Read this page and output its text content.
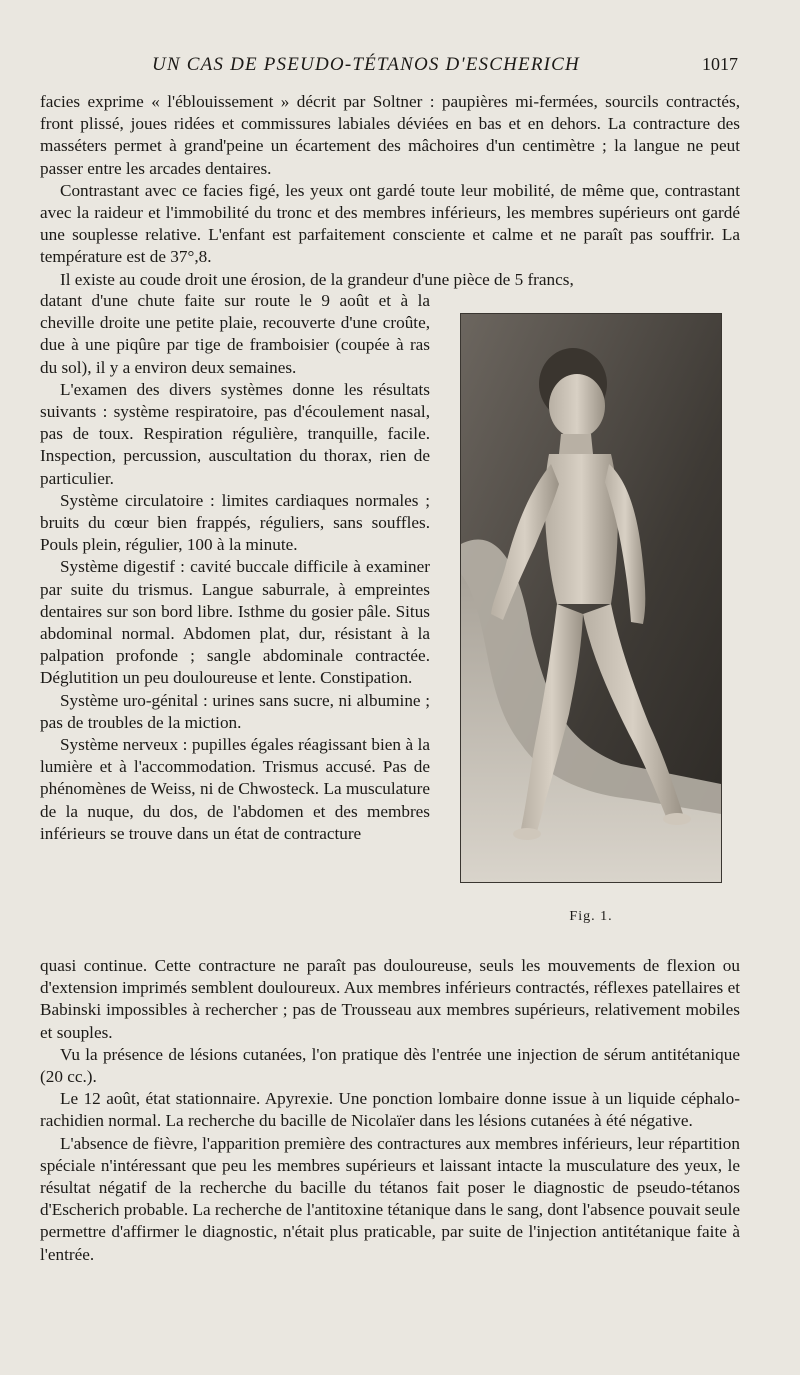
UN CAS DE PSEUDO-TÉTANOS D'ESCHERICH	1017

facies exprime « l'éblouissement » décrit par Soltner : paupières mi-fermées, sourcils contractés, front plissé, joues ridées et commissures labiales déviées en bas et en dehors. La contracture des masséters permet à grand'peine un écartement des mâchoires d'un centimètre ; la langue ne peut passer entre les arcades dentaires.

Contrastant avec ce facies figé, les yeux ont gardé toute leur mobilité, de même que, contrastant avec la raideur et l'immobilité du tronc et des membres inférieurs, les membres supérieurs ont gardé une souplesse relative. L'enfant est parfaitement consciente et calme et ne paraît pas souffrir. La température est de 37°,8.

Il existe au coude droit une érosion, de la grandeur d'une pièce de 5 francs,

datant d'une chute faite sur route le 9 août et à la cheville droite une petite plaie, recouverte d'une croûte, due à une piqûre par tige de framboisier (coupée à ras du sol), il y a environ deux semaines.

L'examen des divers systèmes donne les résultats suivants : système respiratoire, pas d'écoulement nasal, pas de toux. Respiration régulière, tranquille, facile. Inspection, percussion, auscultation du thorax, rien de particulier.

Système circulatoire : limites cardiaques normales ; bruits du cœur bien frappés, réguliers, sans souffles. Pouls plein, régulier, 100 à la minute.

Système digestif : cavité buccale difficile à examiner par suite du trismus. Langue saburrale, à empreintes dentaires sur son bord libre. Isthme du gosier pâle. Situs abdominal normal. Abdomen plat, dur, résistant à la palpation profonde ; sangle abdominale contractée. Déglutition un peu douloureuse et lente. Constipation.

Système uro-génital : urines sans sucre, ni albumine ; pas de troubles de la miction.

Système nerveux : pupilles égales réagissant bien à la lumière et à l'accommodation. Trismus accusé. Pas de phénomènes de Weiss, ni de Chwosteck. La musculature de la nuque, du dos, de l'abdomen et des membres inférieurs se trouve dans un état de contracture

Fig. 1.

quasi continue. Cette contracture ne paraît pas douloureuse, seuls les mouvements de flexion ou d'extension imprimés semblent douloureux. Aux membres inférieurs contractés, réflexes patellaires et Babinski impossibles à rechercher ; pas de Trousseau aux membres supérieurs, relativement mobiles et souples.

Vu la présence de lésions cutanées, l'on pratique dès l'entrée une injection de sérum antitétanique (20 cc.).

Le 12 août, état stationnaire. Apyrexie. Une ponction lombaire donne issue à un liquide céphalo-rachidien normal. La recherche du bacille de Nicolaïer dans les lésions cutanées à été négative.

L'absence de fièvre, l'apparition première des contractures aux membres inférieurs, leur répartition spéciale n'intéressant que peu les membres supérieurs et laissant intacte la musculature des yeux, le résultat négatif de la recherche du bacille du tétanos fait poser le diagnostic de pseudo-tétanos d'Escherich probable. La recherche de l'antitoxine tétanique dans le sang, dont l'absence pouvait seule permettre d'affirmer le diagnostic, n'était plus praticable, par suite de l'injection antitétanique faite à l'entrée.
